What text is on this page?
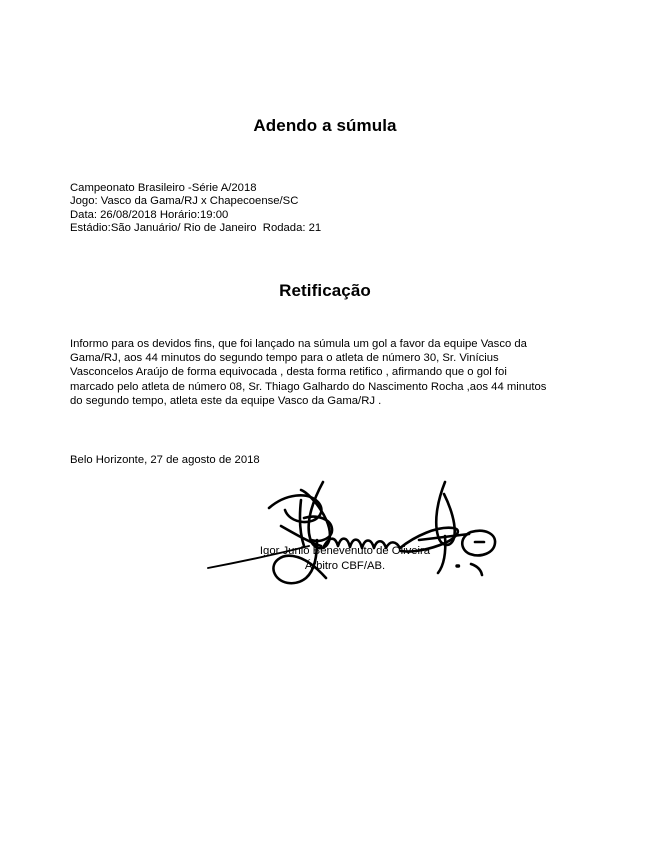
Adendo a súmula
Campeonato Brasileiro -Série A/2018
Jogo: Vasco da Gama/RJ x Chapecoense/SC
Data: 26/08/2018 Horário:19:00
Estádio:São Januário/ Rio de Janeiro  Rodada: 21
Retificação
Informo para os devidos fins, que foi lançado na súmula um gol a favor da equipe Vasco da
Gama/RJ, aos 44 minutos do segundo tempo para o atleta de número 30, Sr. Vinícius
Vasconcelos Araújo de forma equivocada , desta forma retifico , afirmando que o gol foi
marcado pelo atleta de número 08, Sr. Thiago Galhardo do Nascimento Rocha ,aos 44 minutos
do segundo tempo, atleta este da equipe Vasco da Gama/RJ .
Belo Horizonte, 27 de agosto de 2018
Igor Junio Benevenuto de Oliveira
Árbitro CBF/AB.
